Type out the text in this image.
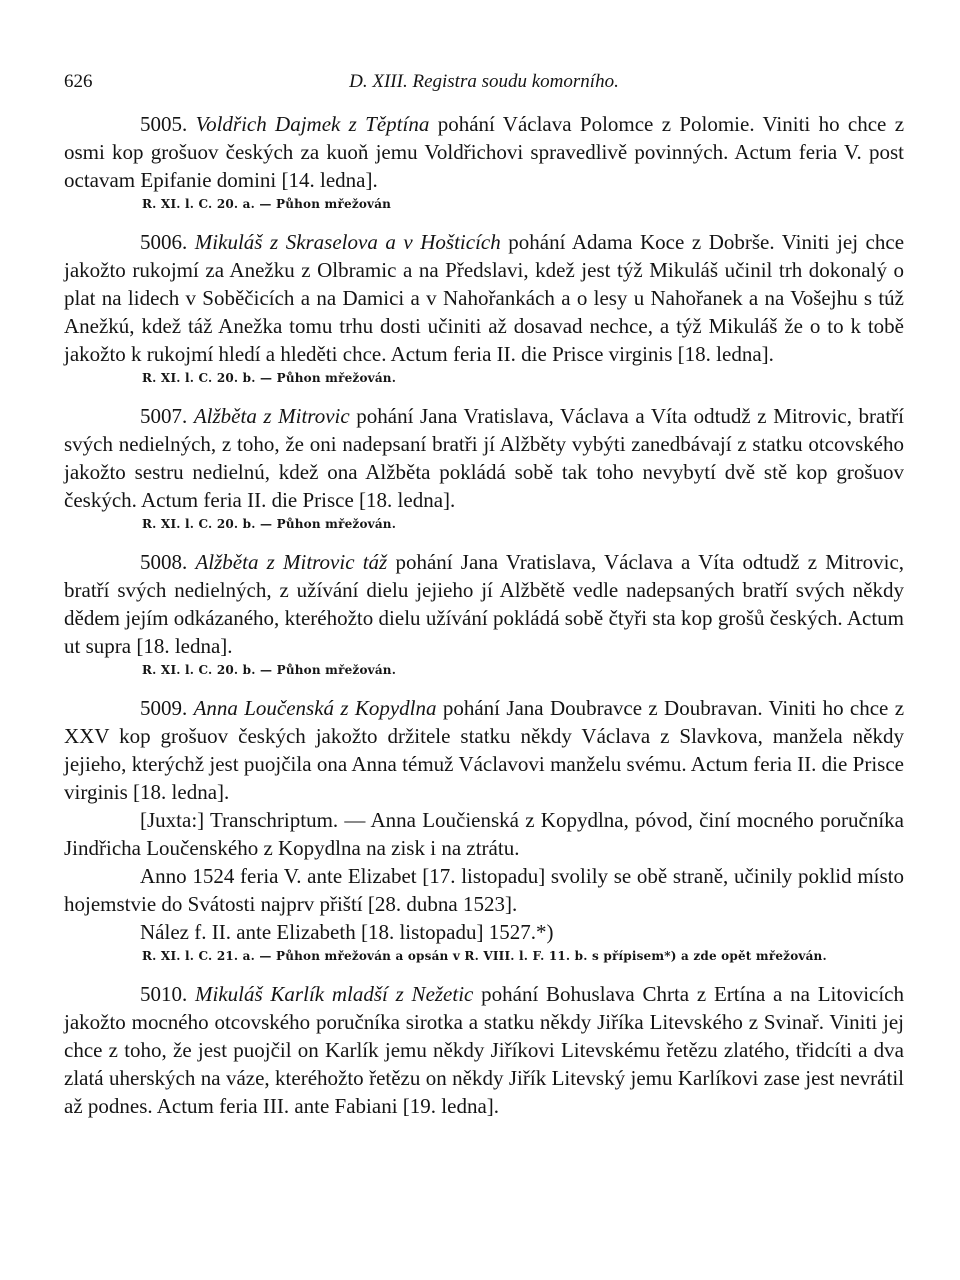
626	D. XIII. Registra soudu komorního.

5005. Voldřich Dajmek z Těptína pohání Václava Polomce z Polomie. Viniti ho chce z osmi kop grošuov českých za kuoň jemu Voldřichovi spravedlivě povinných. Actum feria V. post octavam Epifanie domini [14. ledna].

R. XI. l. C. 20. a. — Půhon mřežován

5006. Mikuláš z Skraselova a v Hošticích pohání Adama Koce z Dobrše. Viniti jej chce jakožto rukojmí za Anežku z Olbramic a na Předslavi, kdež jest týž Mikuláš učinil trh dokonalý o plat na lidech v Soběčicích a na Damici a v Nahořankách a o lesy u Nahořanek a na Vošejhu s túž Anežkú, kdež táž Anežka tomu trhu dosti učiniti až dosavad nechce, a týž Mikuláš že o to k tobě jakožto k rukojmí hledí a hleděti chce. Actum feria II. die Prisce virginis [18. ledna].

R. XI. l. C. 20. b. — Půhon mřežován.

5007. Alžběta z Mitrovic pohání Jana Vratislava, Václava a Víta odtudž z Mitrovic, bratří svých nedielných, z toho, že oni nadepsaní bratři jí Alžběty vybýti zanedbávají z statku otcovského jakožto sestru nedielnú, kdež ona Alžběta pokládá sobě tak toho nevybytí dvě stě kop grošuov českých. Actum feria II. die Prisce [18. ledna].

R. XI. l. C. 20. b. — Půhon mřežován.

5008. Alžběta z Mitrovic táž pohání Jana Vratislava, Václava a Víta odtudž z Mitrovic, bratří svých nedielných, z užívání dielu jejieho jí Alžbětě vedle nadepsaných bratří svých někdy dědem jejím odkázaného, kteréhožto dielu užívání pokládá sobě čtyři sta kop grošů českých. Actum ut supra [18. ledna].

R. XI. l. C. 20. b. — Půhon mřežován.

5009. Anna Loučenská z Kopydlna pohání Jana Doubravce z Doubravan. Viniti ho chce z XXV kop grošuov českých jakožto držitele statku někdy Václava z Slavkova, manžela někdy jejieho, kterýchž jest puojčila ona Anna témuž Václavovi manželu svému. Actum feria II. die Prisce virginis [18. ledna].

[Juxta:] Transchriptum. — Anna Loučienská z Kopydlna, póvod, činí mocného poručníka Jindřicha Loučenského z Kopydlna na zisk i na ztrátu.

Anno 1524 feria V. ante Elizabet [17. listopadu] svolily se obě straně, učinily poklid místo hojemstvie do Svátosti najprv přiští [28. dubna 1523].

Nález f. II. ante Elizabeth [18. listopadu] 1527.*)

R. XI. l. C. 21. a. — Půhon mřežován a opsán v R. VIII. l. F. 11. b. s přípisem*) a zde opět mřežován.

5010. Mikuláš Karlík mladší z Nežetic pohání Bohuslava Chrta z Ertína a na Litovicích jakožto mocného otcovského poručníka sirotka a statku někdy Jiříka Litevského z Svinař. Viniti jej chce z toho, že jest puojčil on Karlík jemu někdy Jiříkovi Litevskému řetězu zlatého, třidcíti a dva zlatá uherských na váze, kteréhožto řetězu on někdy Jiřík Litevský jemu Karlíkovi zase jest nevrátil až podnes. Actum feria III. ante Fabiani [19. ledna].
